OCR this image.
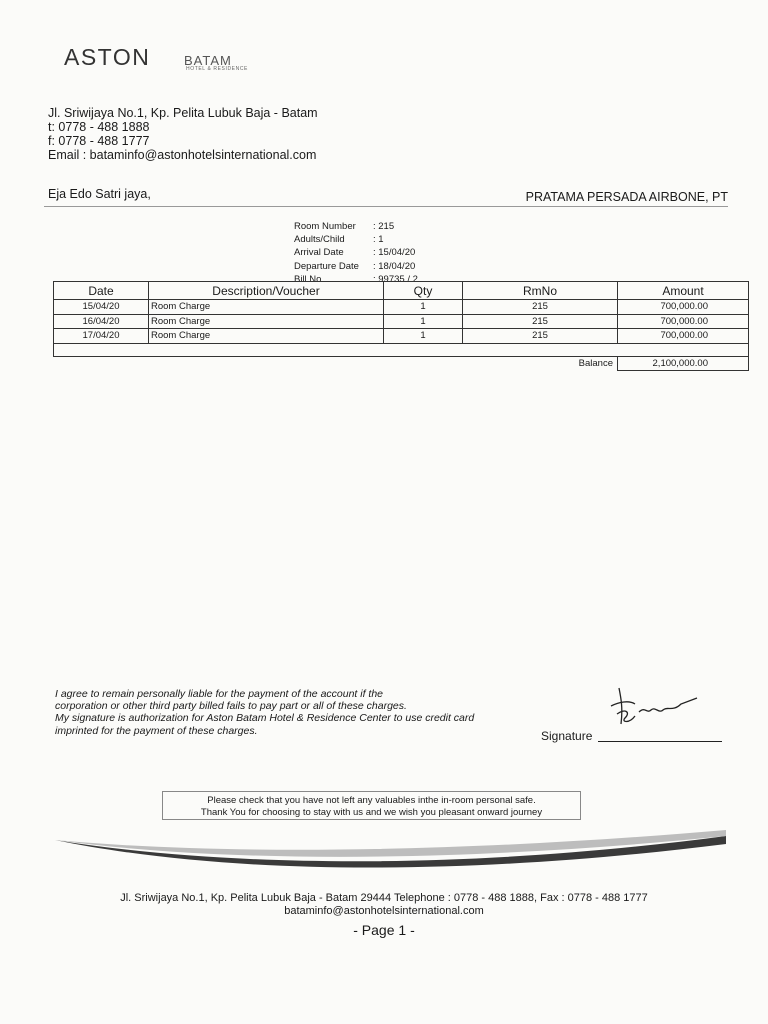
ASTON	BATAM
HOTEL & RESIDENCE
Jl. Sriwijaya No.1, Kp. Pelita Lubuk Baja - Batam
t: 0778 - 488 1888
f: 0778 - 488 1777
Email : bataminfo@astonhotelsinternational.com
Eja Edo Satri jaya,	PRATAMA PERSADA AIRBONE, PT
Room Number	: 215
Adults/Child	: 1
Arrival Date	: 15/04/20
Departure Date	: 18/04/20
Bill No	: 99735 / 2
Date	Description/Voucher	Qty	RmNo	Amount
15/04/20	Room Charge	1	215	700,000.00
16/04/20	Room Charge	1	215	700,000.00
17/04/20	Room Charge	1	215	700,000.00

			Balance	2,100,000.00
I agree to remain personally liable for the payment of the account if the
corporation or other third party billed fails to pay part or all of these charges.
My signature is authorization for Aston Batam Hotel & Residence Center to use credit card
imprinted for the payment of these charges.	Signature
Please check that you have not left any valuables inthe in-room personal safe.
Thank You for choosing to stay with us and we wish you pleasant onward journey
Jl. Sriwijaya No.1, Kp. Pelita Lubuk Baja - Batam 29444 Telephone : 0778 - 488 1888, Fax : 0778 - 488 1777
bataminfo@astonhotelsinternational.com
- Page 1 -
